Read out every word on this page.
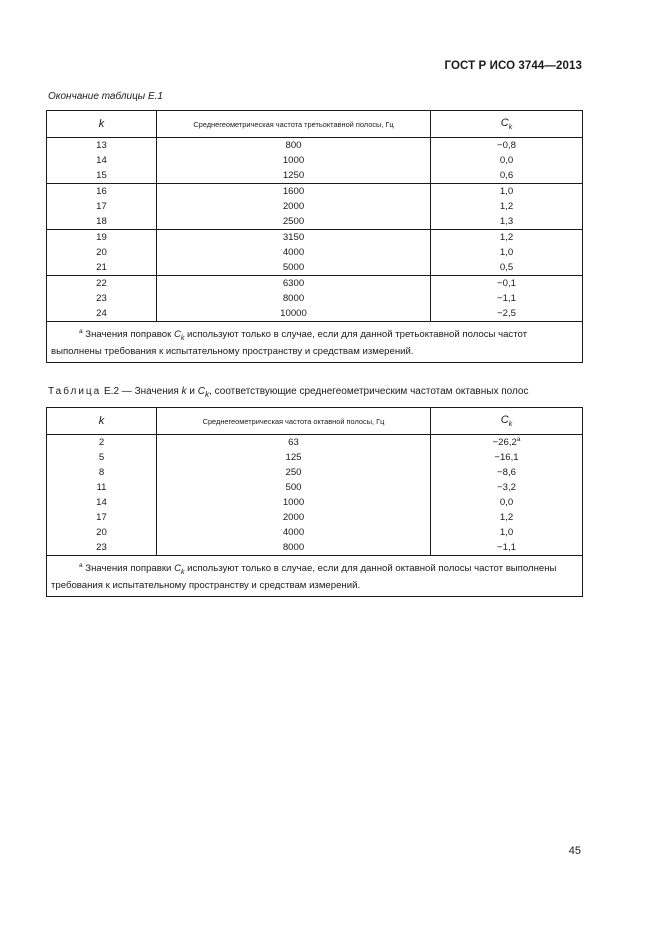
ГОСТ Р ИСО 3744—2013
Окончание таблицы Е.1
k	Среднегеометрическая частота третьоктавной полосы, Гц	$C_k$
13	800	−0,8
14	1000	0,0
15	1250	0,6
16	1600	1,0
17	2000	1,2
18	2500	1,3
19	3150	1,2
20	4000	1,0
21	5000	0,5
22	6300	−0,1
23	8000	−1,1
24	10000	−2,5
$^a$ Значения поправок $C_k$ используют только в случае, если для данной третьоктавной полосы частот выполнены требования к испытательному пространству и средствам измерений.		
Таблица Е.2 — Значения k и $C_k$, соответствующие среднегеометрическим частотам октавных полос
k	Среднегеометрическая частота октавной полосы, Гц	$C_k$
2	63	−26,2$^a$
5	125	−16,1
8	250	−8,6
11	500	−3,2
14	1000	0,0
17	2000	1,2
20	4000	1,0
23	8000	−1,1
$^a$ Значения поправки $C_k$ используют только в случае, если для данной октавной полосы частот выполнены требования к испытательному пространству и средствам измерений.		
45
